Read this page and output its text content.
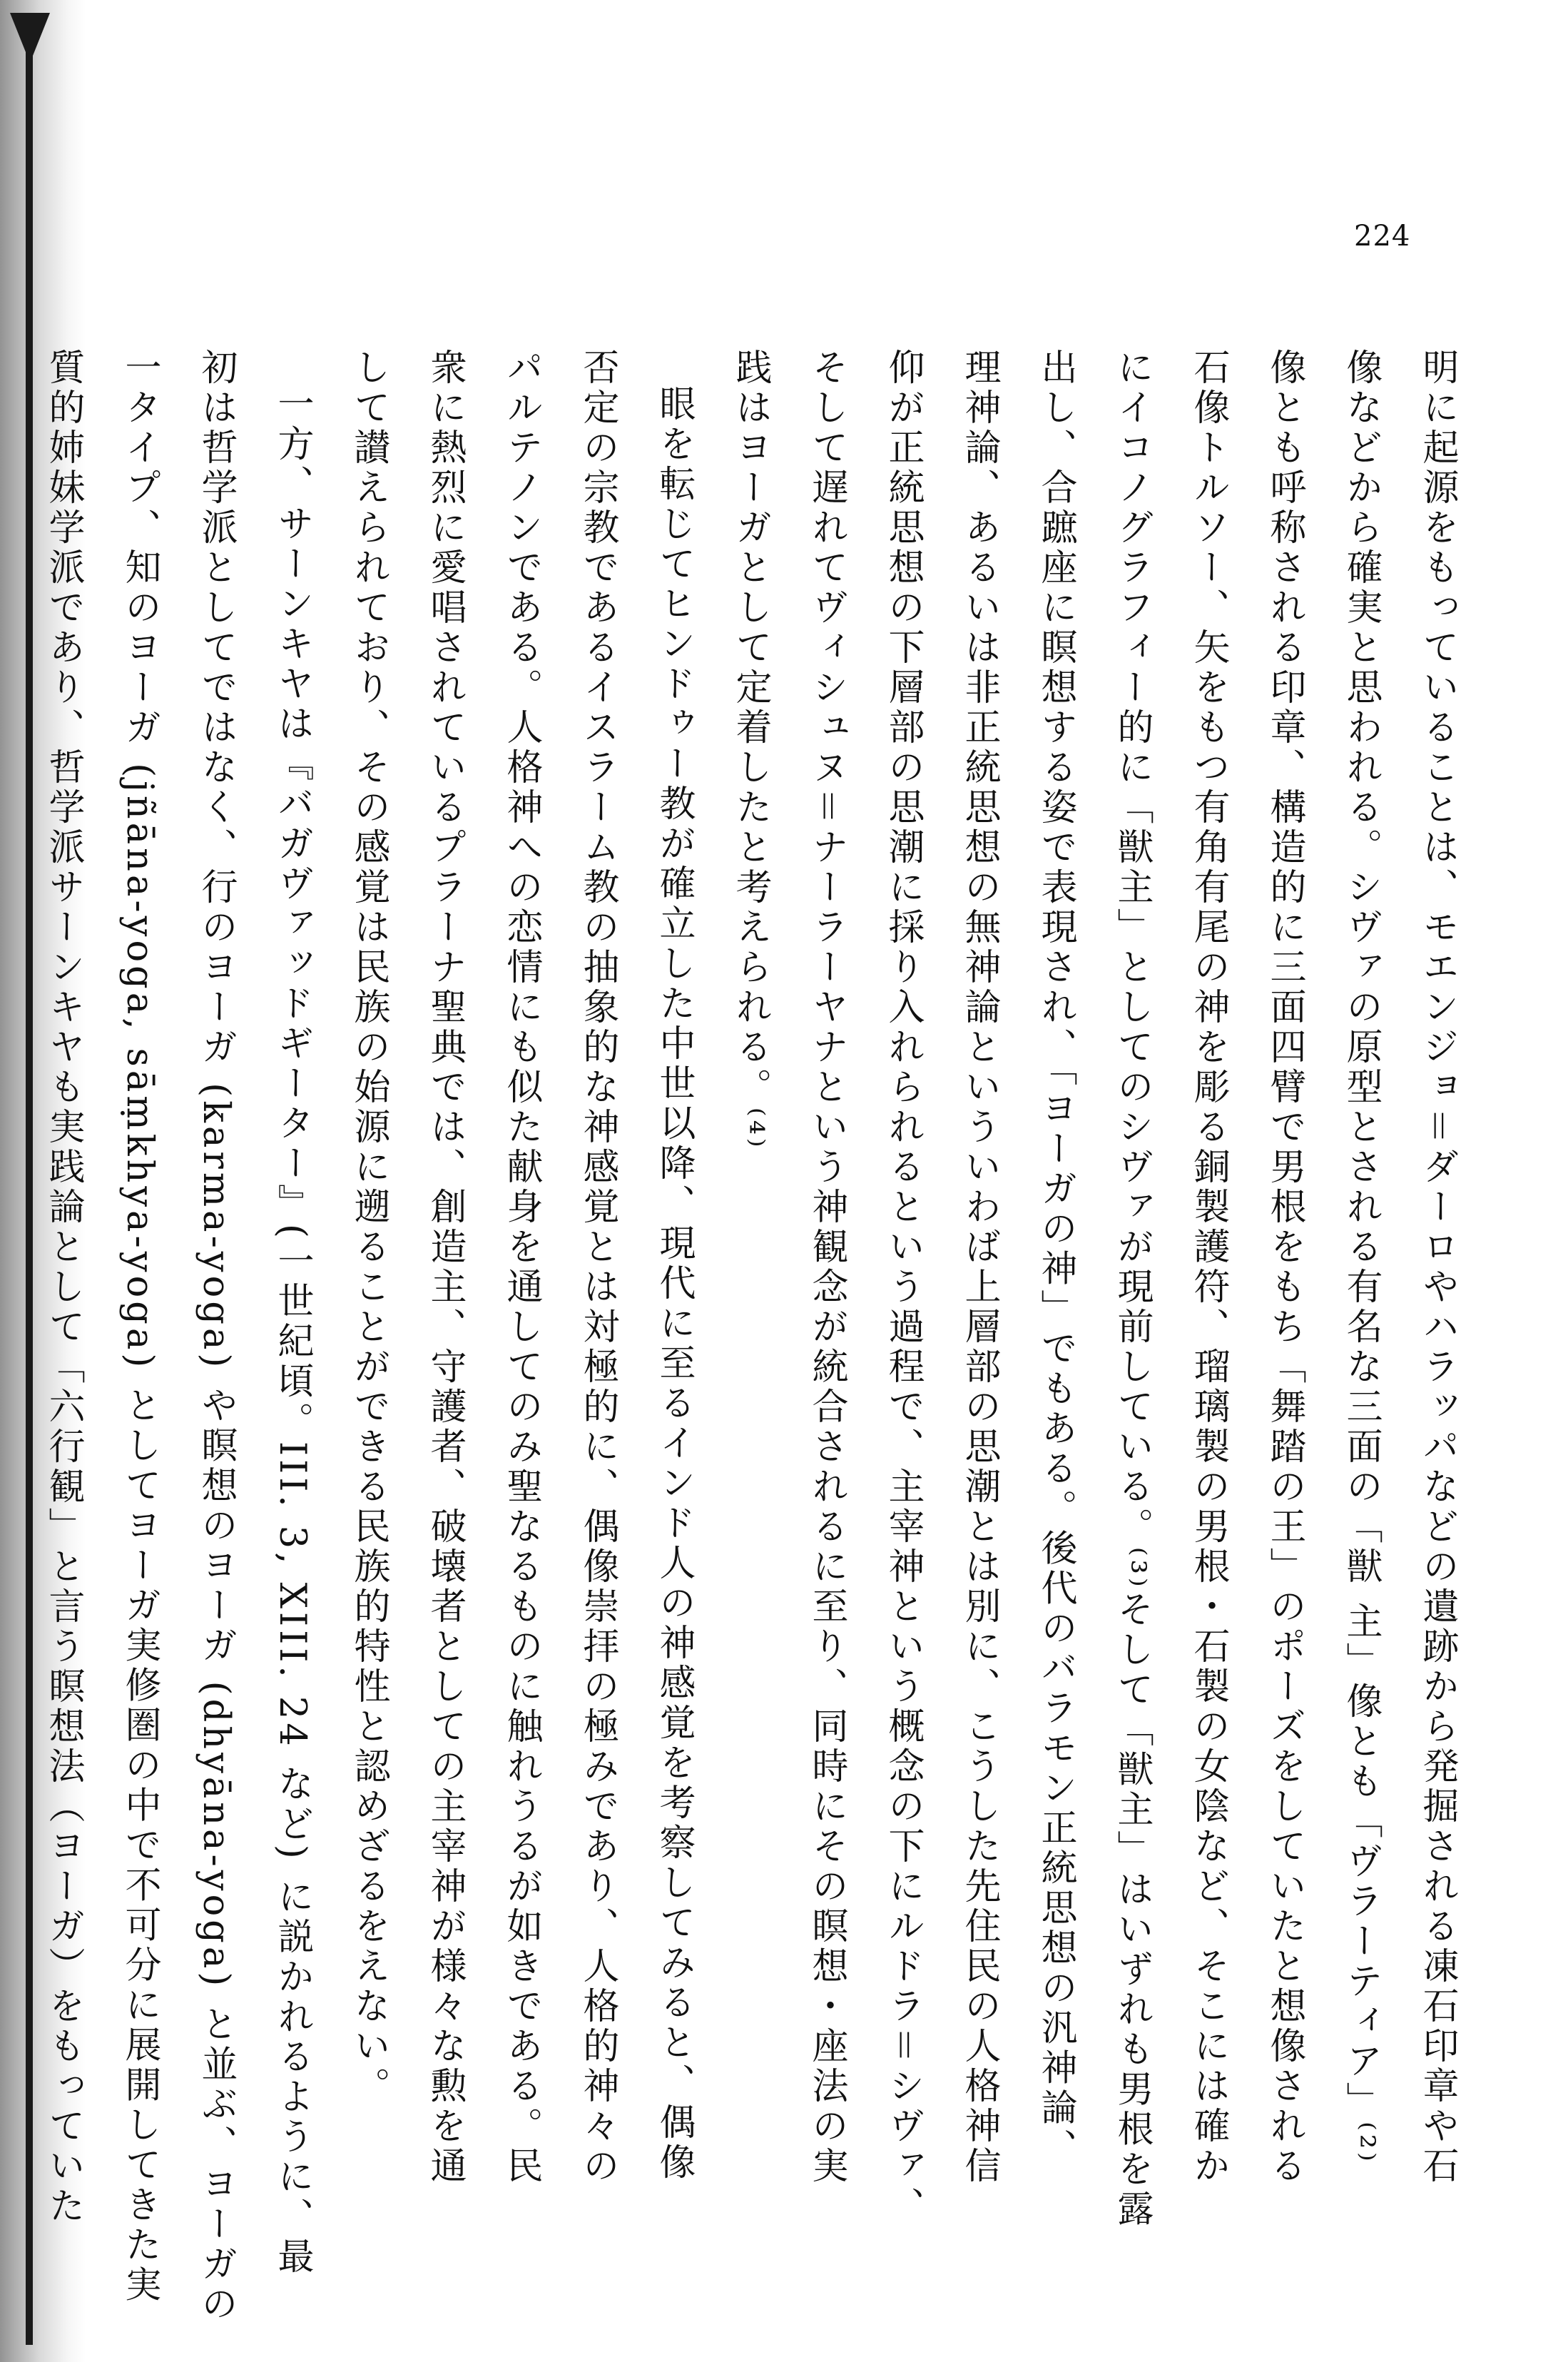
224
明に起源をもっていることは、モエンジョ＝ダーロやハラッパなどの遺跡から発掘される凍石印章や石
像などから確実と思われる。シヴァの原型とされる有名な三面の「獣 主」像とも「ヴラーティア」⁽²⁾
像とも呼称される印章、構造的に三面四臂で男根をもち「舞踏の王」のポーズをしていたと想像される
石像トルソー、矢をもつ有角有尾の神を彫る銅製護符、瑠璃製の男根・石製の女陰など、そこには確か
にイコノグラフィー的に「獣主」としてのシヴァが現前している。⁽³⁾そして「獣主」はいずれも男根を露
出し、合蹠座に瞑想する姿で表現され、「ヨーガの神」でもある。後代のバラモン正統思想の汎神論、
理神論、あるいは非正統思想の無神論といういわば上層部の思潮とは別に、こうした先住民の人格神信
仰が正統思想の下層部の思潮に採り入れられるという過程で、主宰神という概念の下にルドラ＝シヴァ、
そして遅れてヴィシュヌ＝ナーラーヤナという神観念が統合されるに至り、同時にその瞑想・座法の実
践はヨーガとして定着したと考えられる。⁽⁴⁾
眼を転じてヒンドゥー教が確立した中世以降、現代に至るインド人の神感覚を考察してみると、偶像
否定の宗教であるイスラーム教の抽象的な神感覚とは対極的に、偶像崇拝の極みであり、人格的神々の
パルテノンである。人格神への恋情にも似た献身を通してのみ聖なるものに触れうるが如きである。民
衆に熱烈に愛唱されているプラーナ聖典では、創造主、守護者、破壊者としての主宰神が様々な勲を通
して讃えられており、その感覚は民族の始源に遡ることができる民族的特性と認めざるをえない。
一方、サーンキヤは『バガヴァッドギーター』(一世紀頃。III. 3, XIII. 24 など) に説かれるように、最
初は哲学派としてではなく、行のヨーガ (karma-yoga) や瞑想のヨーガ (dhyāna-yoga) と並ぶ、ヨーガの
一タイプ、知のヨーガ (jñāna-yoga, sāṃkhya-yoga) としてヨーガ実修圏の中で不可分に展開してきた実
質的姉妹学派であり、哲学派サーンキヤも実践論として「六行観」と言う瞑想法（ヨーガ）をもっていた
